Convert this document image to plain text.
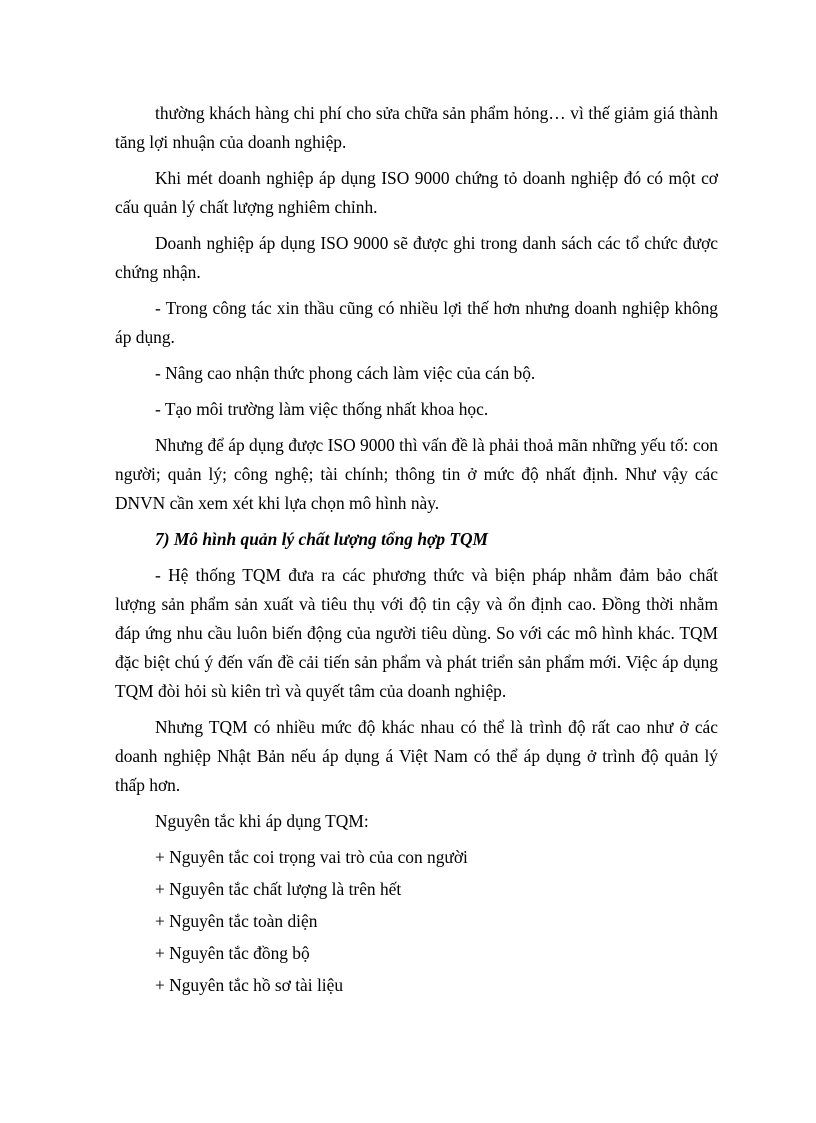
thường khách hàng chi phí cho sửa chữa sản phẩm hỏng… vì thế giảm giá thành tăng lợi nhuận của doanh nghiệp.

Khi mét doanh nghiệp áp dụng ISO 9000 chứng tỏ doanh nghiệp đó có một cơ cấu quản lý chất lượng nghiêm chỉnh.

Doanh nghiệp áp dụng ISO 9000 sẽ được ghi trong danh sách các tổ chức được chứng nhận.

- Trong công tác xin thầu cũng có nhiều lợi thế hơn nhưng doanh nghiệp không áp dụng.

- Nâng cao nhận thức phong cách làm việc của cán bộ.

- Tạo môi trường làm việc thống nhất khoa học.

Nhưng để áp dụng được ISO 9000 thì vấn đề là phải thoả mãn những yếu tố: con người; quản lý; công nghệ; tài chính; thông tin ở mức độ nhất định. Như vậy các DNVN cần xem xét khi lựa chọn mô hình này.

7) Mô hình quản lý chất lượng tổng hợp TQM

- Hệ thống TQM đưa ra các phương thức và biện pháp nhằm đảm bảo chất lượng sản phẩm sản xuất và tiêu thụ với độ tin cậy và ổn định cao. Đồng thời nhằm đáp ứng nhu cầu luôn biến động của người tiêu dùng. So với các mô hình khác. TQM đặc biệt chú ý đến vấn đề cải tiến sản phẩm và phát triển sản phẩm mới. Việc áp dụng TQM đòi hỏi sù kiên trì và quyết tâm của doanh nghiệp.

Nhưng TQM có nhiều mức độ khác nhau có thể là trình độ rất cao như ở các doanh nghiệp Nhật Bản nếu áp dụng á Việt Nam có thể áp dụng ở trình độ quản lý thấp hơn.

Nguyên tắc khi áp dụng TQM:

+ Nguyên tắc coi trọng vai trò của con người
+ Nguyên tắc chất lượng là trên hết
+ Nguyên tắc toàn diện
+ Nguyên tắc đồng bộ
+ Nguyên tắc hồ sơ tài liệu
